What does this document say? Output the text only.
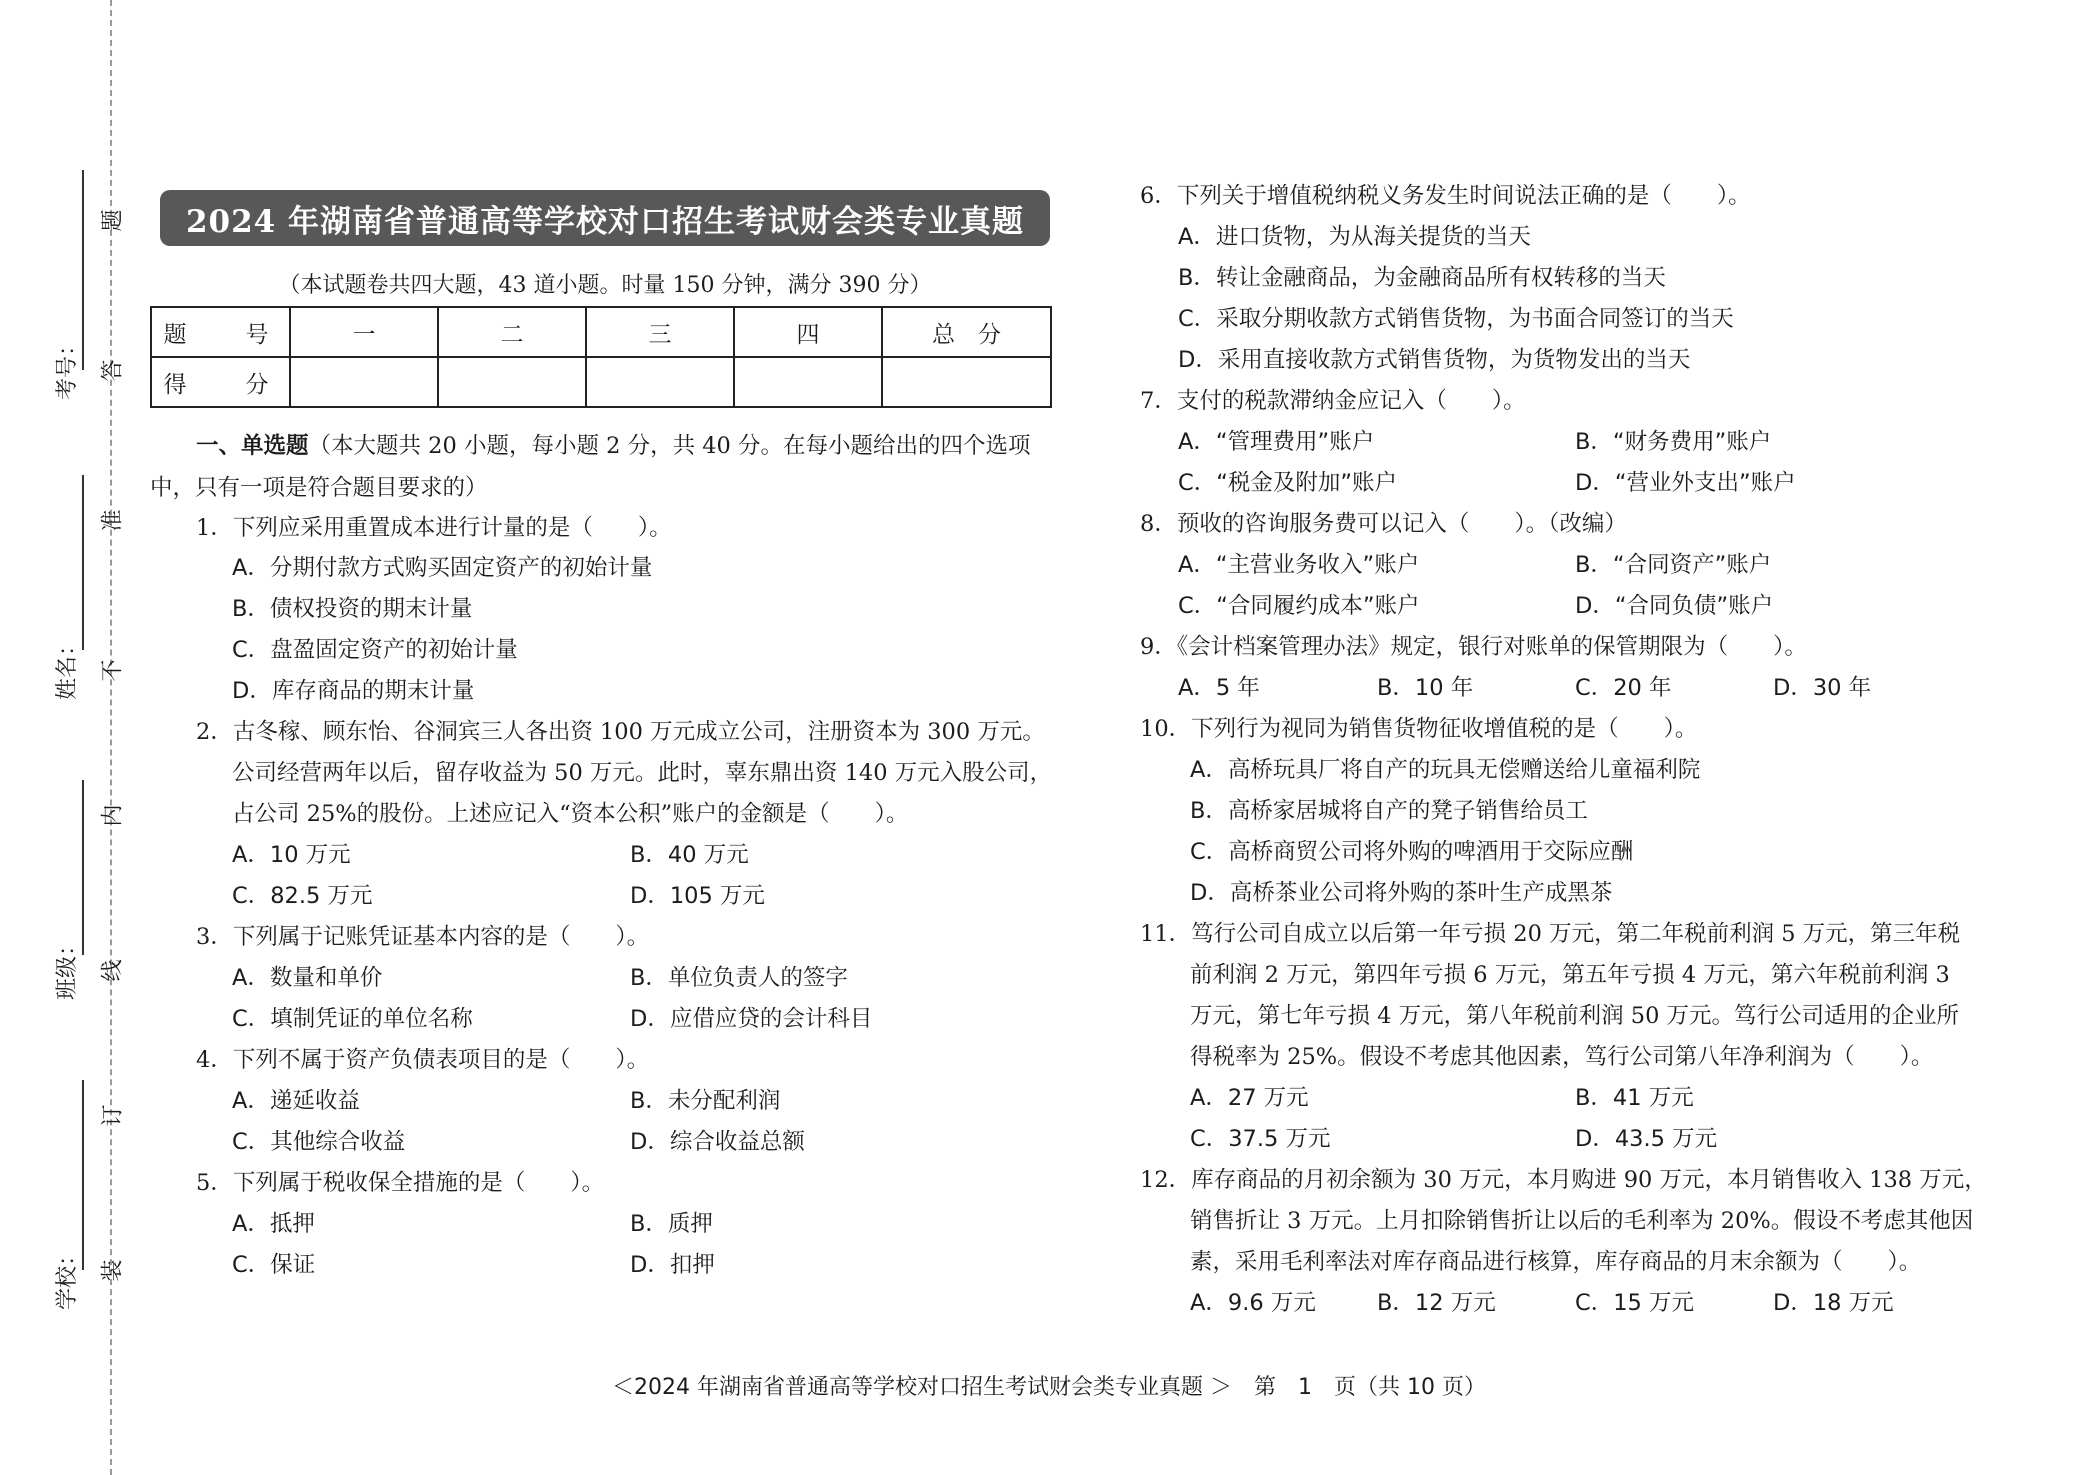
题
考号： 答
准
姓名： 不
内
班级： 线
订
学校： 装
2024 年湖南省普通高等学校对口招生考试财会类专业真题
（本试题卷共四大题，43 道小题。时量 150 分钟，满分 390 分）
题　号	一	二	三	四	总　分
得　分					
一、单选题（本大题共 20 小题，每小题 2 分，共 40 分。在每小题给出的四个选项
中，只有一项是符合题目要求的）
1．下列应采用重置成本进行计量的是（　　）。
A．分期付款方式购买固定资产的初始计量
B．债权投资的期末计量
C．盘盈固定资产的初始计量
D．库存商品的期末计量
2．古冬稼、顾东怡、谷洞宾三人各出资 100 万元成立公司，注册资本为 300 万元。
公司经营两年以后，留存收益为 50 万元。此时，辜东鼎出资 140 万元入股公司，
占公司 25%的股份。上述应记入“资本公积”账户的金额是（　　）。
A．10 万元	B．40 万元
C．82.5 万元	D．105 万元
3．下列属于记账凭证基本内容的是（　　）。
A．数量和单价	B．单位负责人的签字
C．填制凭证的单位名称	D．应借应贷的会计科目
4．下列不属于资产负债表项目的是（　　）。
A．递延收益	B．未分配利润
C．其他综合收益	D．综合收益总额
5．下列属于税收保全措施的是（　　）。
A．抵押	B．质押
C．保证	D．扣押
6．下列关于增值税纳税义务发生时间说法正确的是（　　）。
A．进口货物，为从海关提货的当天
B．转让金融商品，为金融商品所有权转移的当天
C．采取分期收款方式销售货物，为书面合同签订的当天
D．采用直接收款方式销售货物，为货物发出的当天
7．支付的税款滞纳金应记入（　　）。
A．“管理费用”账户	B．“财务费用”账户
C．“税金及附加”账户	D．“营业外支出”账户
8．预收的咨询服务费可以记入（　　）。（改编）
A．“主营业务收入”账户	B．“合同资产”账户
C．“合同履约成本”账户	D．“合同负债”账户
9．《会计档案管理办法》规定，银行对账单的保管期限为（　　）。
A．5 年	B．10 年	C．20 年	D．30 年
10．下列行为视同为销售货物征收增值税的是（　　）。
A．高桥玩具厂将自产的玩具无偿赠送给儿童福利院
B．高桥家居城将自产的凳子销售给员工
C．高桥商贸公司将外购的啤酒用于交际应酬
D．高桥茶业公司将外购的茶叶生产成黑茶
11．笃行公司自成立以后第一年亏损 20 万元，第二年税前利润 5 万元，第三年税
前利润 2 万元，第四年亏损 6 万元，第五年亏损 4 万元，第六年税前利润 3
万元，第七年亏损 4 万元，第八年税前利润 50 万元。笃行公司适用的企业所
得税率为 25%。假设不考虑其他因素，笃行公司第八年净利润为（　　）。
A．27 万元	B．41 万元
C．37.5 万元	D．43.5 万元
12．库存商品的月初余额为 30 万元，本月购进 90 万元，本月销售收入 138 万元，
销售折让 3 万元。上月扣除销售折让以后的毛利率为 20%。假设不考虑其他因
素，采用毛利率法对库存商品进行核算，库存商品的月末余额为（　　）。
A．9.6 万元	B．12 万元	C．15 万元	D．18 万元
＜2024 年湖南省普通高等学校对口招生考试财会类专业真题 ＞　第　1　页（共 10 页）
